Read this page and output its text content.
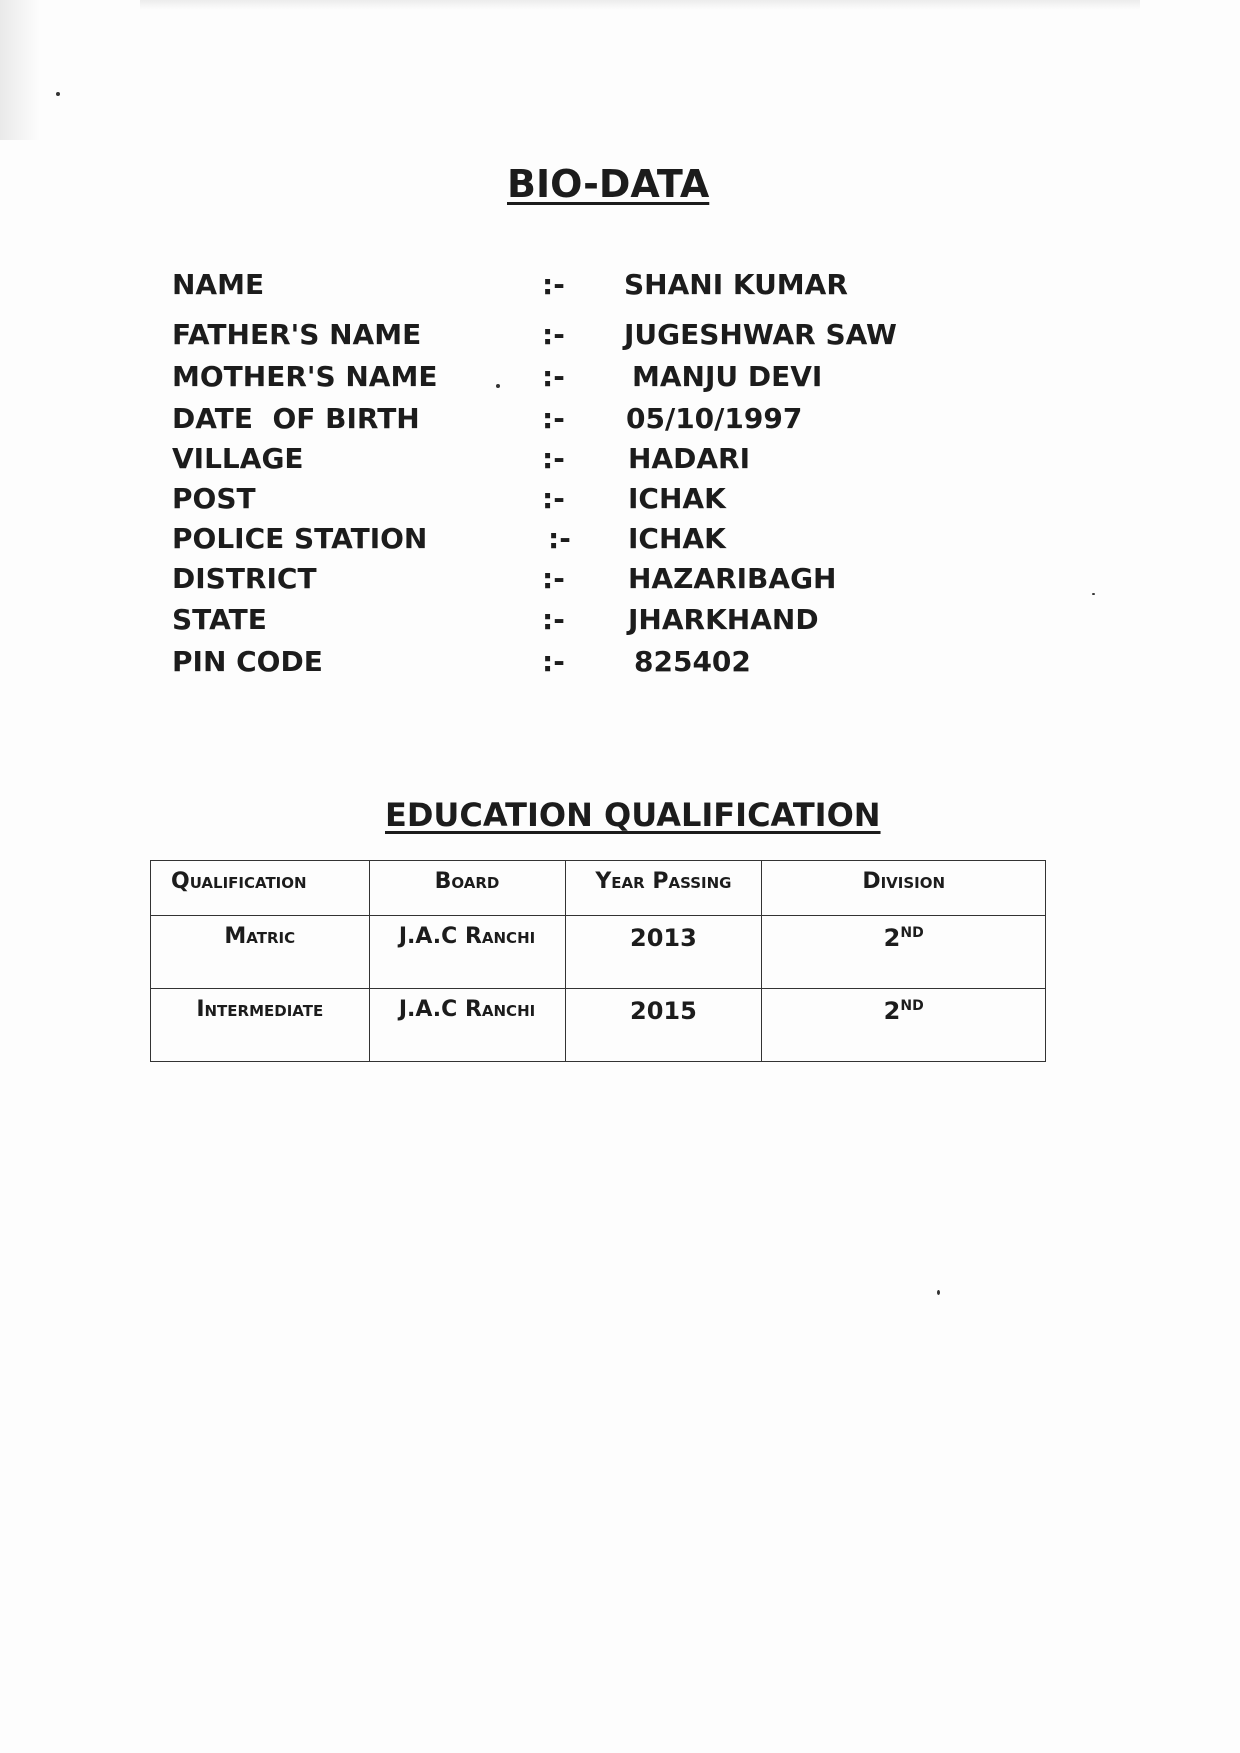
BIO-DATA
NAME	:- SHANI KUMAR
FATHER'S NAME	:- JUGESHWAR SAW
MOTHER'S NAME	:- MANJU DEVI
DATE  OF BIRTH	:- 05/10/1997
VILLAGE	:- HADARI
POST	:- ICHAK
POLICE STATION	:- ICHAK
DISTRICT	:- HAZARIBAGH
STATE	:- JHARKHAND
PIN CODE	:- 825402
EDUCATION QUALIFICATION
Qualification	Board	Year Passing	Division
Matric	J.A.C Ranchi	2013	2ND
Intermediate	J.A.C Ranchi	2015	2ND
